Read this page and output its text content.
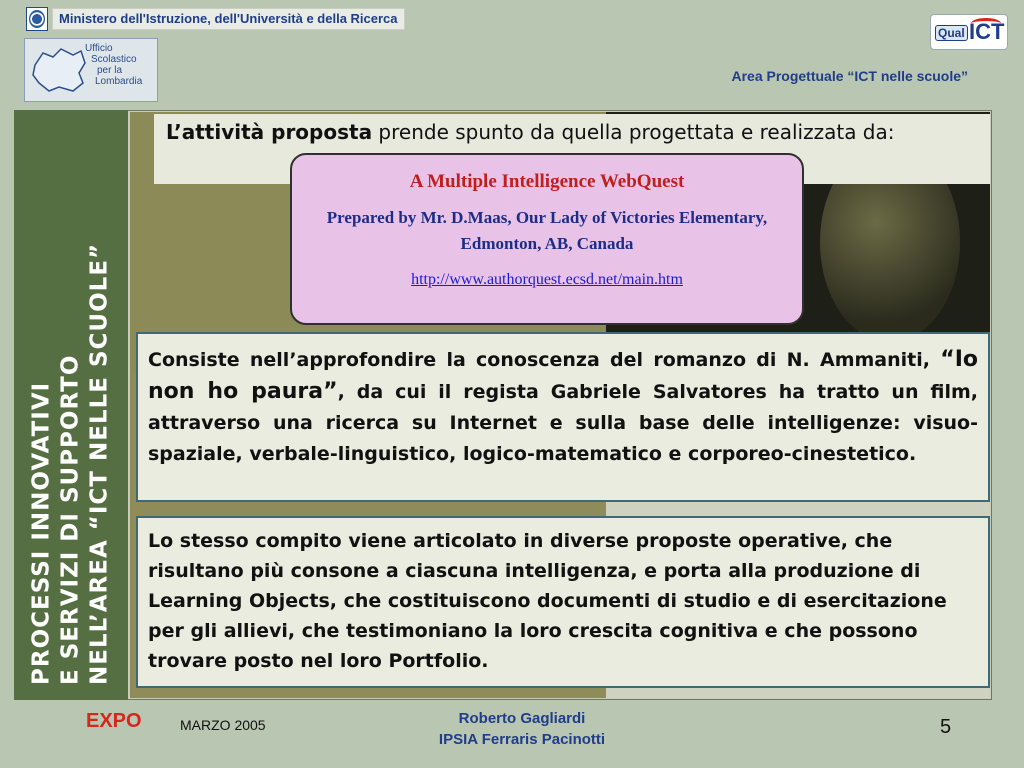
Ministero dell'Istruzione, dell'Università e della Ricerca
Ufficio
Scolastico
per la
Lombardia
Qual ICT
Area Progettuale “ICT nelle scuole”
PROCESSI INNOVATIVI E SERVIZI DI SUPPORTO NELL’AREA “ICT NELLE SCUOLE”
L’attività proposta prende spunto da quella progettata e realizzata da:
A Multiple Intelligence WebQuest
Prepared by Mr. D.Maas, Our Lady of Victories Elementary, Edmonton, AB, Canada
http://www.authorquest.ecsd.net/main.htm
Consiste nell’approfondire la conoscenza del romanzo di N. Ammaniti, “Io non ho paura”, da cui il regista Gabriele Salvatores ha tratto un film, attraverso una ricerca su Internet e sulla base delle intelligenze: visuo-spaziale, verbale-linguistico, logico-matematico e corporeo-cinestetico.
Lo stesso compito viene articolato in diverse proposte operative, che risultano più consone a ciascuna intelligenza, e porta alla produzione di Learning Objects, che costituiscono documenti di studio e di esercitazione per gli allievi, che testimoniano la loro crescita cognitiva e che possono trovare posto nel loro Portfolio.
EXPO	MARZO 2005	Roberto Gagliardi
IPSIA Ferraris Pacinotti
5
